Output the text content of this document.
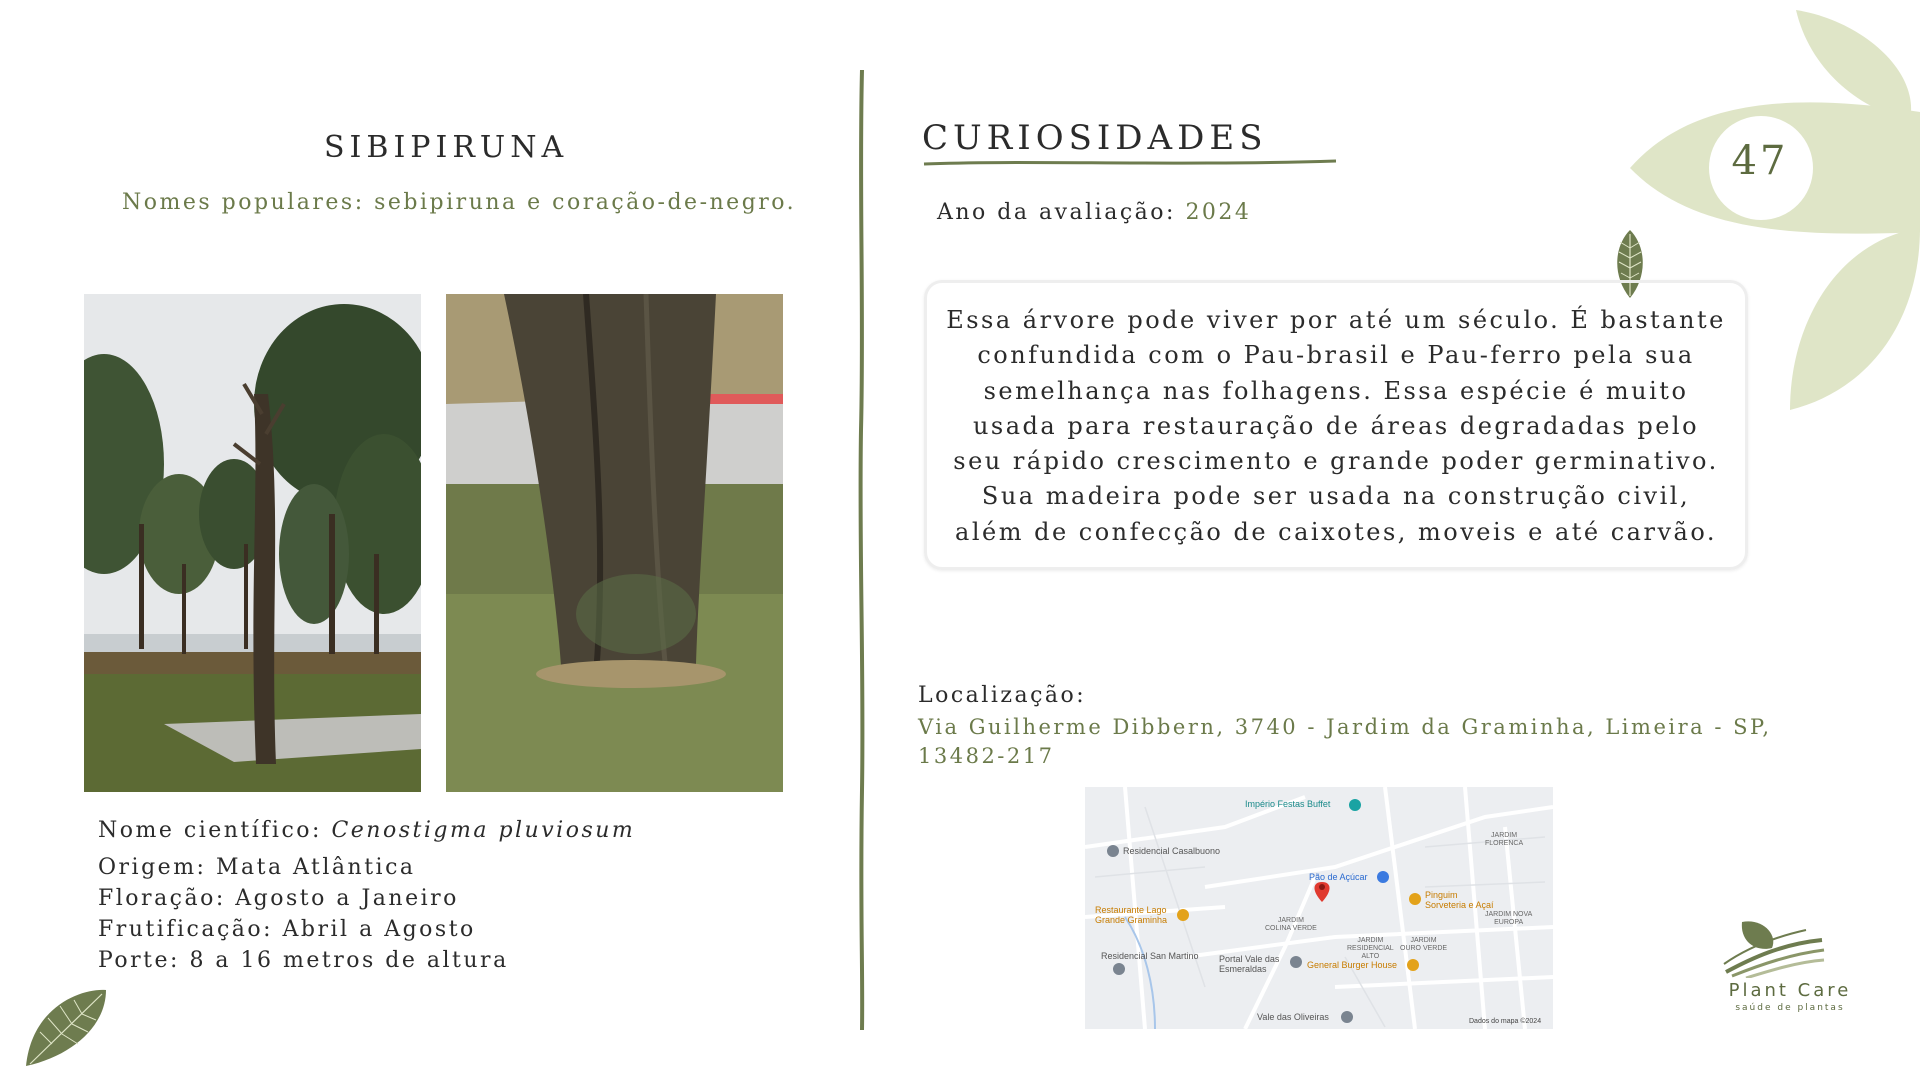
47
SIBIPIRUNA
Nomes populares: sebipiruna e coração-de-negro.
Nome científico: Cenostigma pluviosum
Origem: Mata Atlântica
Floração: Agosto a Janeiro
Frutificação: Abril a Agosto
Porte: 8 a 16 metros de altura
CURIOSIDADES
Ano da avaliação: 2024

Essa árvore pode viver por até um século. É bastante

confundida com o Pau-brasil e Pau-ferro pela sua

semelhança nas folhagens. Essa espécie é muito

usada para restauração de áreas degradadas pelo

seu rápido crescimento e grande poder germinativo.

Sua madeira pode ser usada na construção civil,

além de confecção de caixotes, moveis e até carvão.

Localização:
Via Guilherme Dibbern, 3740 - Jardim da Graminha, Limeira - SP, 13482-217
Império Festas Buffet
Residencial Casalbuono
Pão de Açúcar
Restaurante Lago
Grande Graminha
Pinguim
Sorveteria e Açaí
JARDIM
COLINA VERDE
JARDIM NOVA
EUROPA
JARDIM
FLORENCA
JARDIM
RESIDENCIAL
ALTO
JARDIM
OURO VERDE
Residencial San Martino Portal Vale das
Esmeraldas	General Burger House
Vale das Oliveiras	Dados do mapa ©2024
Plant Care
saúde de plantas
